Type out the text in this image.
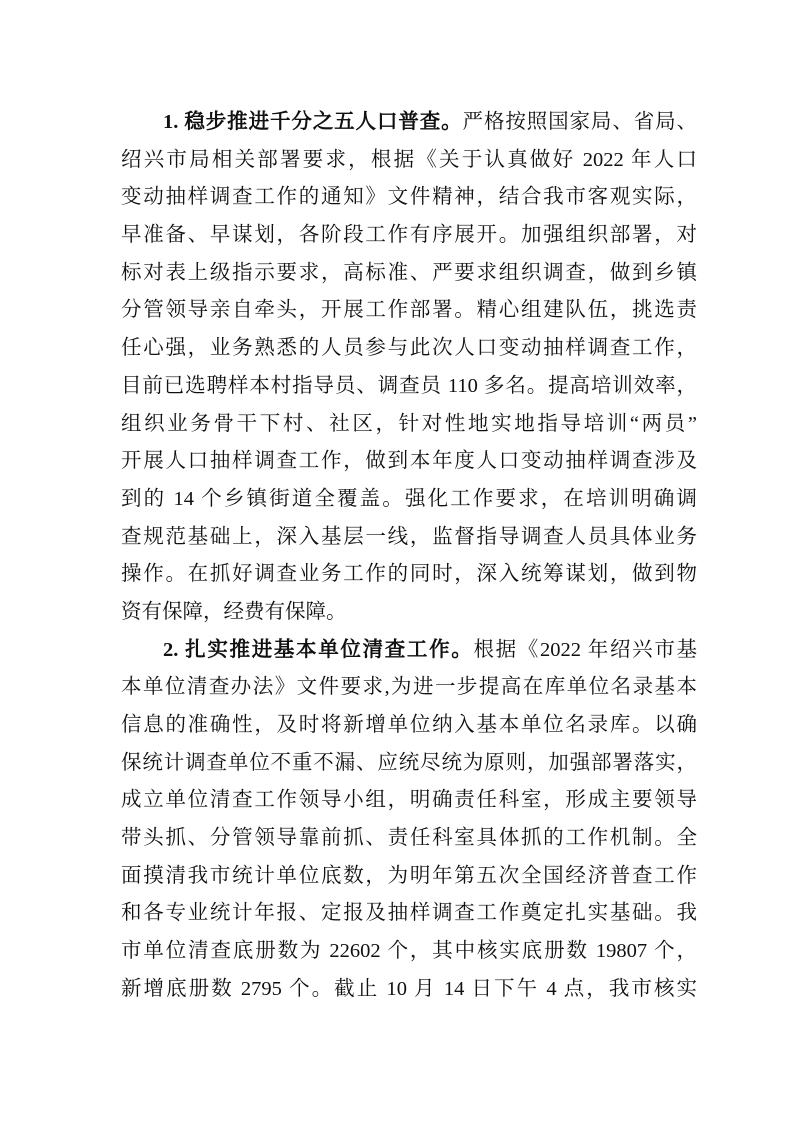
1. 稳步推进千分之五人口普查。严格按照国家局、省局、
绍兴市局相关部署要求，根据《关于认真做好 2022 年人口
变动抽样调查工作的通知》文件精神，结合我市客观实际，
早准备、早谋划，各阶段工作有序展开。加强组织部署，对
标对表上级指示要求，高标准、严要求组织调查，做到乡镇
分管领导亲自牵头，开展工作部署。精心组建队伍，挑选责
任心强，业务熟悉的人员参与此次人口变动抽样调查工作，
目前已选聘样本村指导员、调查员 110 多名。提高培训效率，
组织业务骨干下村、社区，针对性地实地指导培训“两员”
开展人口抽样调查工作，做到本年度人口变动抽样调查涉及
到的 14 个乡镇街道全覆盖。强化工作要求，在培训明确调
查规范基础上，深入基层一线，监督指导调查人员具体业务
操作。在抓好调查业务工作的同时，深入统筹谋划，做到物
资有保障，经费有保障。
2. 扎实推进基本单位清查工作。根据《2022 年绍兴市基
本单位清查办法》文件要求,为进一步提高在库单位名录基本
信息的准确性，及时将新增单位纳入基本单位名录库。以确
保统计调查单位不重不漏、应统尽统为原则，加强部署落实，
成立单位清查工作领导小组，明确责任科室，形成主要领导
带头抓、分管领导靠前抓、责任科室具体抓的工作机制。全
面摸清我市统计单位底数，为明年第五次全国经济普查工作
和各专业统计年报、定报及抽样调查工作奠定扎实基础。我
市单位清查底册数为 22602 个，其中核实底册数 19807 个，
新增底册数 2795 个。截止 10 月 14 日下午 4 点，我市核实
